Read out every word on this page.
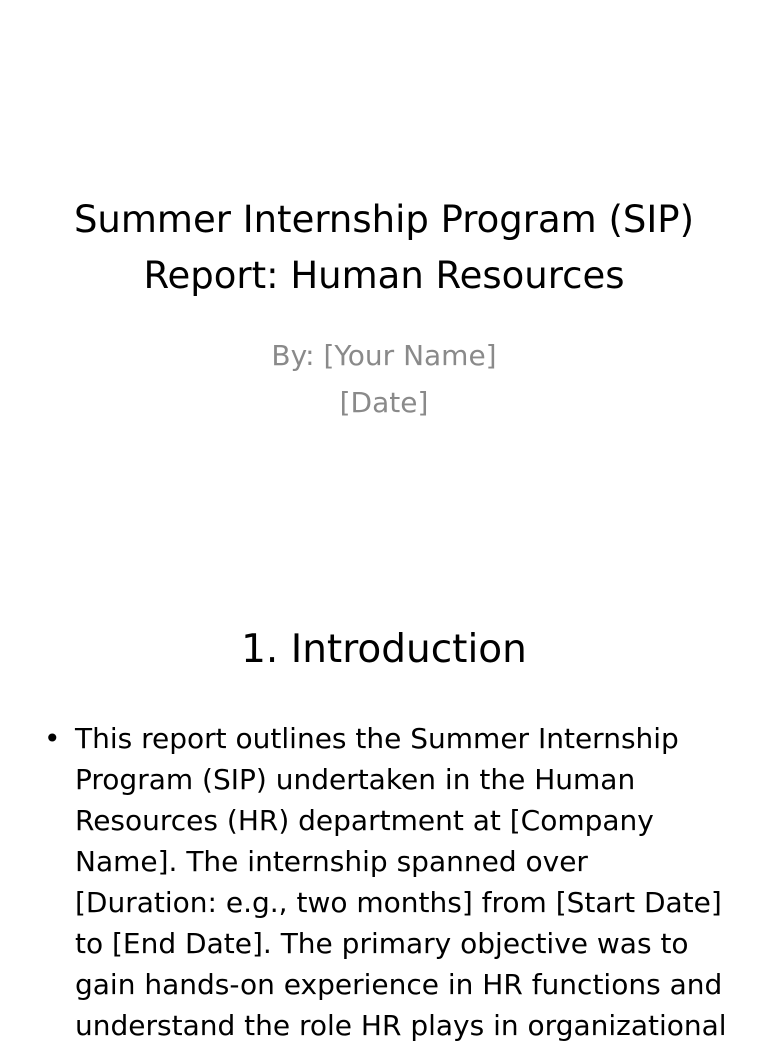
Summer Internship Program (SIP)
Report: Human Resources
By: [Your Name]
[Date]
1. Introduction
• This report outlines the Summer Internship
Program (SIP) undertaken in the Human
Resources (HR) department at [Company
Name]. The internship spanned over
[Duration: e.g., two months] from [Start Date]
to [End Date]. The primary objective was to
gain hands-on experience in HR functions and
understand the role HR plays in organizational
